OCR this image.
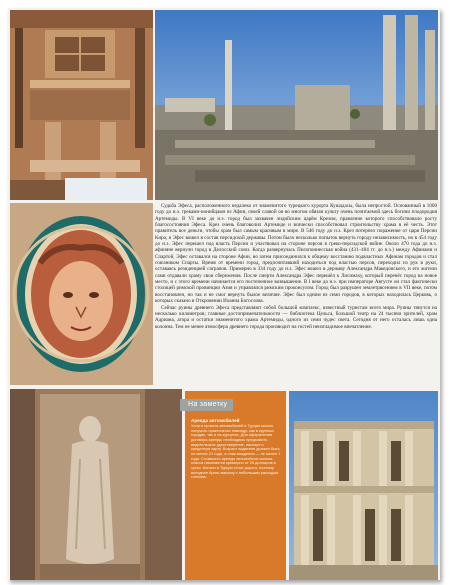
Судьба Эфеса, расположенного недалеко от знаменитого турецкого курорта Кушадасы, была непростой. Основанный в 1000 году до н.э. греками-ионийцами из Афин, своей славой он во многом обязан культу очень почитаемой здесь богини плодородия Артемиды. В VI веке до н.э. город был захвачен лидийским царём Крезом, правление которого способствовало росту благосостояния Эфеса. Крез очень благоволил Артемиде и всячески способствовал строительству храма в её честь. Этот правитель все деньги, чтобы храм был самым красивым в мире. В 546 году до н.э. Крез потерпел поражение от царя Персии Кира, и Эфес вошел в состав персидской державы. Потом было несколько попыток вернуть городу независимость, но в 454 году до н.э. Эфес перешел под власть Персии и участвовал на стороне персов в греко-персидской войне. Около 470 года до н.э. афиняне вернули город в Делосский союз. Когда развернулась Пелопоннесская война (431–404 гг. до н.э.) между Афинами и Спартой, Эфес оставался на стороне Афин, но затем присоединился к общему восстанию подвластных Афинам городов и стал союзником Спарты. Время от времени город, предпочитавший находиться под властью персов, переходил из рук в руки, оставаясь резиденцией сатрапов. Примерно в 334 году до н.э. Эфес вошел в державу Александра Македонского, и его жители сами отдавали храму свои сбережения. После смерти Александра Эфес перешёл к Лисимаху, который перенёс город на новое место, и с этого времени начинается его постепенное возвышение. В I веке до н.э. при императоре Августе он стал фактически столицей римской провинции Азия и управлялся римским проконсулом. Город был разрушен землетрясением в VII веке, потом восстановлен, но так и не смог вернуть былое величие. Эфес был одним из семи городов, в которых находилась Церковь, о которых сказано в Откровении Иоанна Богослова.

Сейчас руины древнего Эфеса представляют собой большой комплекс, известный туристам всего мира. Руины тянутся на несколько километров; главные достопримечательности — библиотека Цельса, большой театр на 24 тысячи зрителей, храм Адриана, агора и остатки знаменитого храма Артемиды, одного из семи чудес света. Сегодня от него осталась лишь одна колонна. Тем не менее атмосфера древнего города производит на гостей неизгладимое впечатление.

На заметку
Аренда автомобилей

Услуги проката автомобилей в Турции можно получить практически повсюду: как в крупных городах, так и на курортах. Для оформления договора аренды необходимо предъявить водительское удостоверение, паспорт и кредитную карту. Возраст водителя должен быть не менее 21 года, а стаж вождения — не менее 1 года. Стоимость аренды автомобиля эконом-класса начинается примерно от 25 долларов в сутки. Бензин в Турции стоит дорого, поэтому выгоднее брать машину с небольшим расходом топлива.
